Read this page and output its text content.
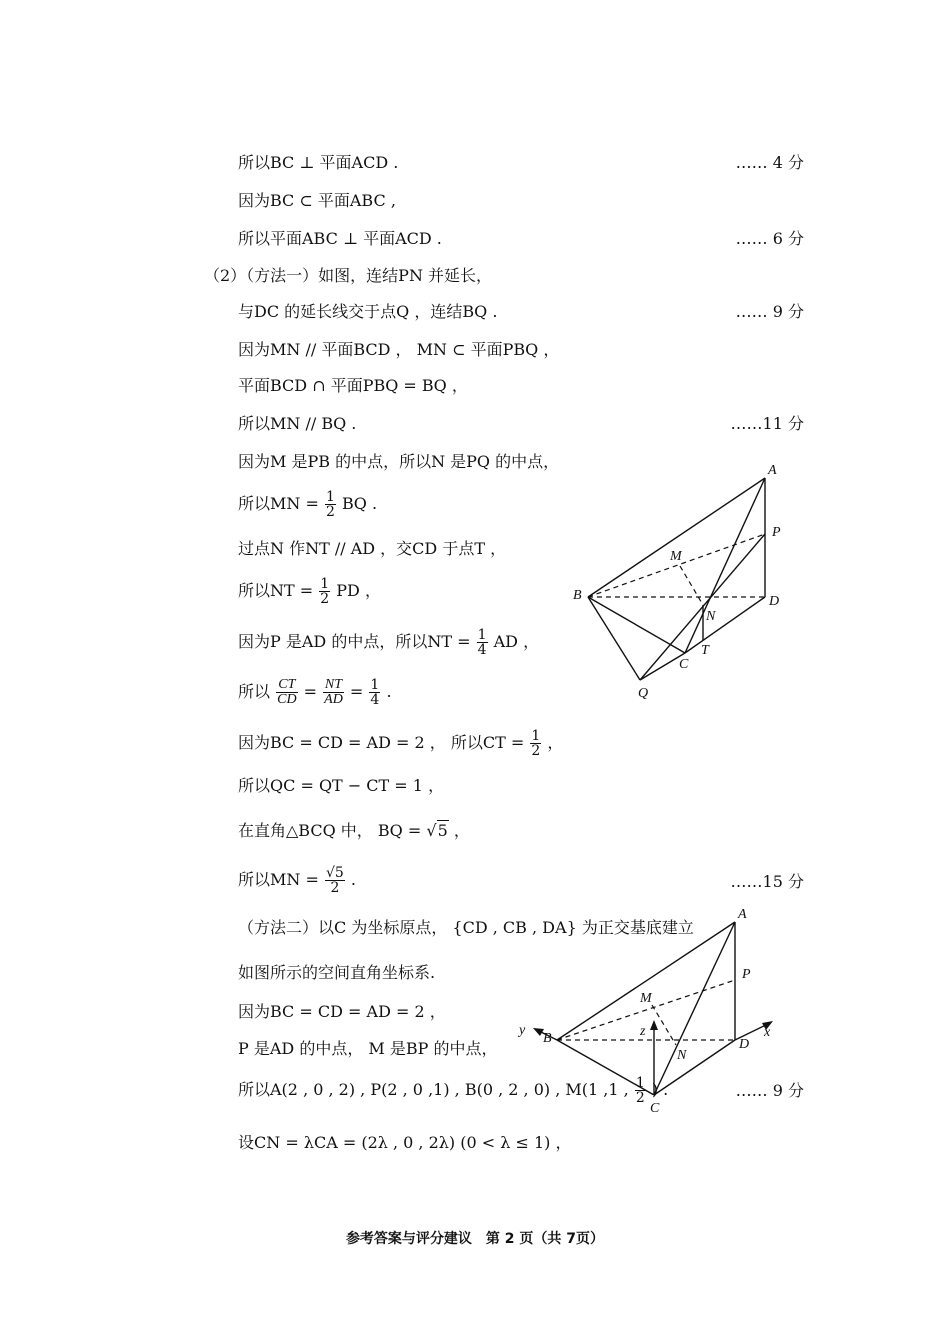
所以BC ⊥ 平面ACD .	…… 4 分
因为BC ⊂ 平面ABC ,
所以平面ABC ⊥ 平面ACD .	…… 6 分
（2）（方法一）如图，连结PN 并延长，
与DC 的延长线交于点Q ，连结BQ .	…… 9 分
因为MN // 平面BCD ， MN ⊂ 平面PBQ ，
平面BCD ∩ 平面PBQ = BQ ，
所以MN // BQ .	……11 分
因为M 是PB 的中点，所以N 是PQ 的中点，
所以MN = $\frac{1}{2}$ BQ .
过点N 作NT // AD ，交CD 于点T ，
所以NT = $\frac{1}{2}$ PD ，
因为P 是AD 的中点，所以NT = $\frac{1}{4}$ AD ，
所以 $\frac{CT}{CD} = \frac{NT}{AD} = \frac{1}{4}$ .
因为BC = CD = AD = 2 ， 所以CT = $\frac{1}{2}$ ，
所以QC = QT − CT = 1 ，
在直角△BCQ 中， BQ = √5 ，
所以MN = $\frac{√5}{2}$ .	……15 分
（方法二）以C 为坐标原点， {CD , CB , DA} 为正交基底建立
如图所示的空间直角坐标系.
因为BC = CD = AD = 2 ，
P 是AD 的中点， M 是BP 的中点，
所以A(2 , 0 , 2) , P(2 , 0 ,1) , B(0 , 2 , 0) , M(1 ,1 , $\frac{1}{2}$ ) .	…… 9 分
设CN = λCA = (2λ , 0 , 2λ) (0 < λ ≤ 1) ，
A
P
M
B
N
D
C
T
Q
A
P
M
y
B	z
N
D
x
C
参考答案与评分建议　第 2 页（共 7页）
